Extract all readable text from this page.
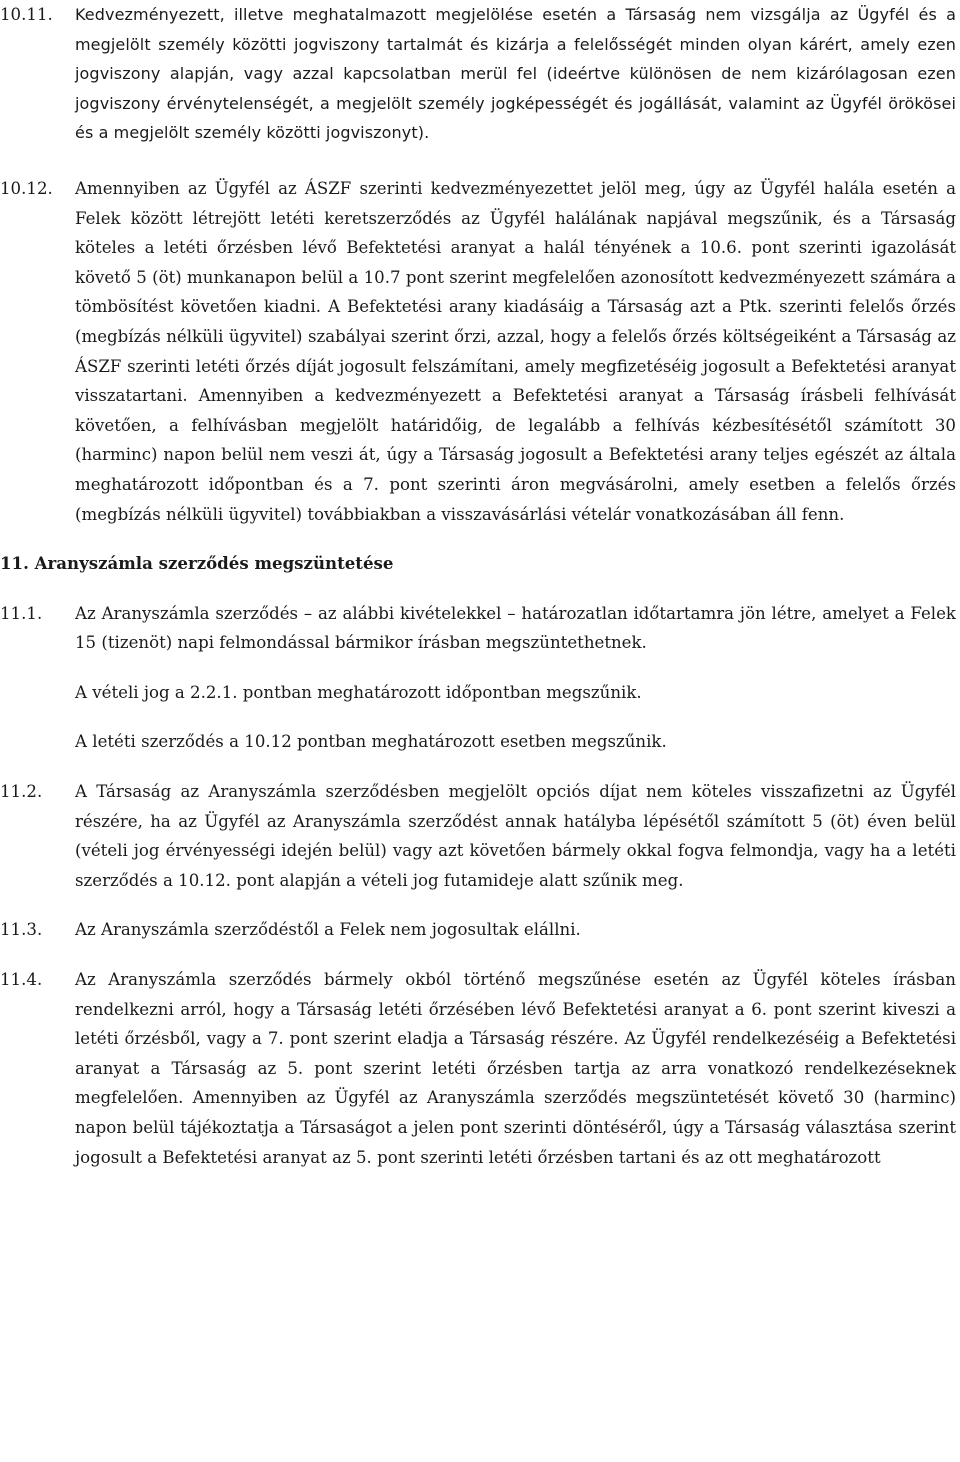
10.11. Kedvezményezett, illetve meghatalmazott megjelölése esetén a Társaság nem vizsgálja az Ügyfél és a megjelölt személy közötti jogviszony tartalmát és kizárja a felelősségét minden olyan kárért, amely ezen jogviszony alapján, vagy azzal kapcsolatban merül fel (ideértve különösen de nem kizárólagosan ezen jogviszony érvénytelenségét, a megjelölt személy jogképességét és jogállását, valamint az Ügyfél örökösei és a megjelölt személy közötti jogviszonyt).
10.12. Amennyiben az Ügyfél az ÁSZF szerinti kedvezményezettet jelöl meg, úgy az Ügyfél halála esetén a Felek között létrejött letéti keretszerződés az Ügyfél halálának napjával megszűnik, és a Társaság köteles a letéti őrzésben lévő Befektetési aranyat a halál tényének a 10.6. pont szerinti igazolását követő 5 (öt) munkanapon belül a 10.7 pont szerint megfelelően azonosított kedvezményezett számára a tömbösítést követően kiadni. A Befektetési arany kiadásáig a Társaság azt a Ptk. szerinti felelős őrzés (megbízás nélküli ügyvitel) szabályai szerint őrzi, azzal, hogy a felelős őrzés költségeiként a Társaság az ÁSZF szerinti letéti őrzés díját jogosult felszámítani, amely megfizetéséig jogosult a Befektetési aranyat visszatartani. Amennyiben a kedvezményezett a Befektetési aranyat a Társaság írásbeli felhívását követően, a felhívásban megjelölt határidőig, de legalább a felhívás kézbesítésétől számított 30 (harminc) napon belül nem veszi át, úgy a Társaság jogosult a Befektetési arany teljes egészét az általa meghatározott időpontban és a 7. pont szerinti áron megvásárolni, amely esetben a felelős őrzés (megbízás nélküli ügyvitel) továbbiakban a visszavásárlási vételár vonatkozásában áll fenn.
11. Aranyszámla szerződés megszüntetése
11.1. Az Aranyszámla szerződés – az alábbi kivételekkel – határozatlan időtartamra jön létre, amelyet a Felek 15 (tizenöt) napi felmondással bármikor írásban megszüntethetnek.
A vételi jog a 2.2.1. pontban meghatározott időpontban megszűnik.
A letéti szerződés a 10.12 pontban meghatározott esetben megszűnik.
11.2. A Társaság az Aranyszámla szerződésben megjelölt opciós díjat nem köteles visszafizetni az Ügyfél részére, ha az Ügyfél az Aranyszámla szerződést annak hatályba lépésétől számított 5 (öt) éven belül (vételi jog érvényességi idején belül) vagy azt követően bármely okkal fogva felmondja, vagy ha a letéti szerződés a 10.12. pont alapján a vételi jog futamideje alatt szűnik meg.
11.3. Az Aranyszámla szerződéstől a Felek nem jogosultak elállni.
11.4. Az Aranyszámla szerződés bármely okból történő megszűnése esetén az Ügyfél köteles írásban rendelkezni arról, hogy a Társaság letéti őrzésében lévő Befektetési aranyat a 6. pont szerint kiveszi a letéti őrzésből, vagy a 7. pont szerint eladja a Társaság részére. Az Ügyfél rendelkezéséig a Befektetési aranyat a Társaság az 5. pont szerint letéti őrzésben tartja az arra vonatkozó rendelkezéseknek megfelelően. Amennyiben az Ügyfél az Aranyszámla szerződés megszüntetését követő 30 (harminc) napon belül tájékoztatja a Társaságot a jelen pont szerinti döntéséről, úgy a Társaság választása szerint jogosult a Befektetési aranyat az 5. pont szerinti letéti őrzésben tartani és az ott meghatározott
